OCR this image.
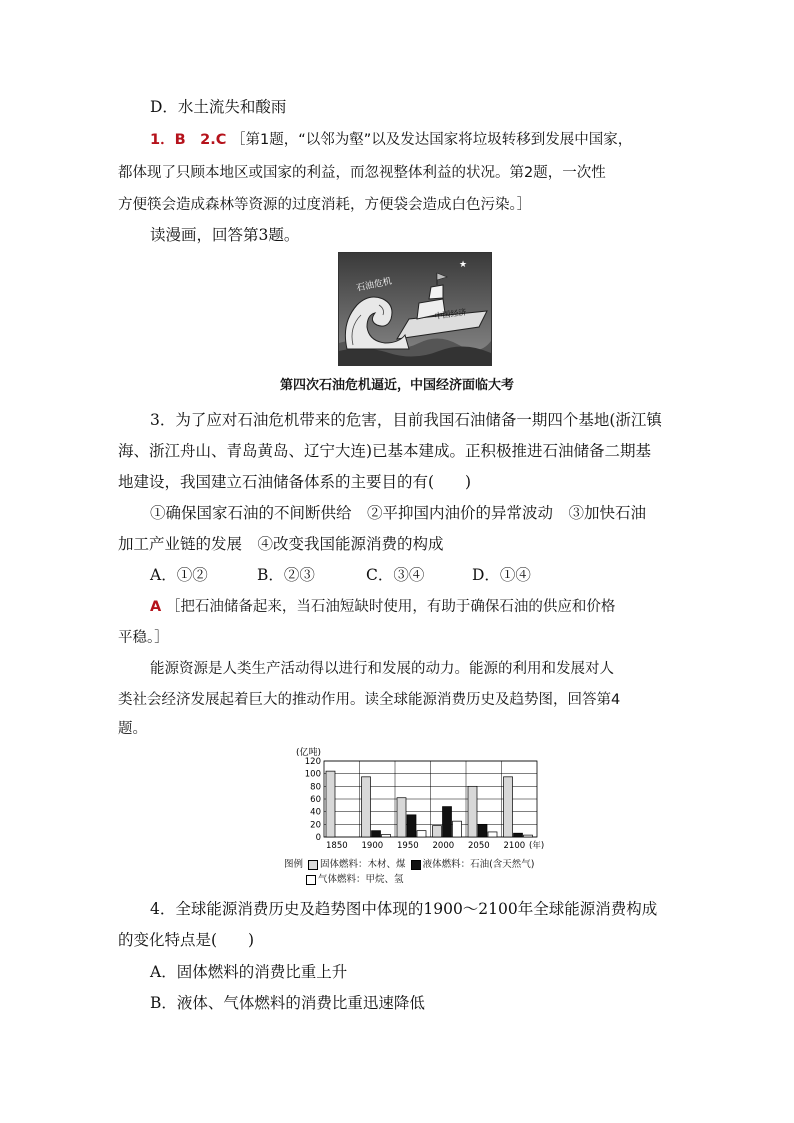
D．水土流失和酸雨
1．B　2.C ［第1题，“以邻为壑”以及发达国家将垃圾转移到发展中国家，
都体现了只顾本地区或国家的利益，而忽视整体利益的状况。第2题，一次性
方便筷会造成森林等资源的过度消耗，方便袋会造成白色污染。］
读漫画，回答第3题。
★
石油危机
中国经济
第四次石油危机逼近，中国经济面临大考
3．为了应对石油危机带来的危害，目前我国石油储备一期四个基地(浙江镇
海、浙江舟山、青岛黄岛、辽宁大连)已基本建成。正积极推进石油储备二期基
地建设，我国建立石油储备体系的主要目的有(　　)
①确保国家石油的不间断供给　②平抑国内油价的异常波动　③加快石油
加工产业链的发展　④改变我国能源消费的构成
A．①②	B．②③	C．③④	D．①④
A ［把石油储备起来，当石油短缺时使用，有助于确保石油的供应和价格
平稳。］
能源资源是人类生产活动得以进行和发展的动力。能源的利用和发展对人
类社会经济发展起着巨大的推动作用。读全球能源消费历史及趋势图，回答第4
题。
(亿吨)
0
20
40
60
80
100
120
1850 1900 1950 2000 2050 2100 (年)
图例 固体燃料：木材、煤 液体燃料：石油(含天然气)
气体燃料：甲烷、氢
4．全球能源消费历史及趋势图中体现的1900～2100年全球能源消费构成
的变化特点是(　　)
A．固体燃料的消费比重上升
B．液体、气体燃料的消费比重迅速降低
